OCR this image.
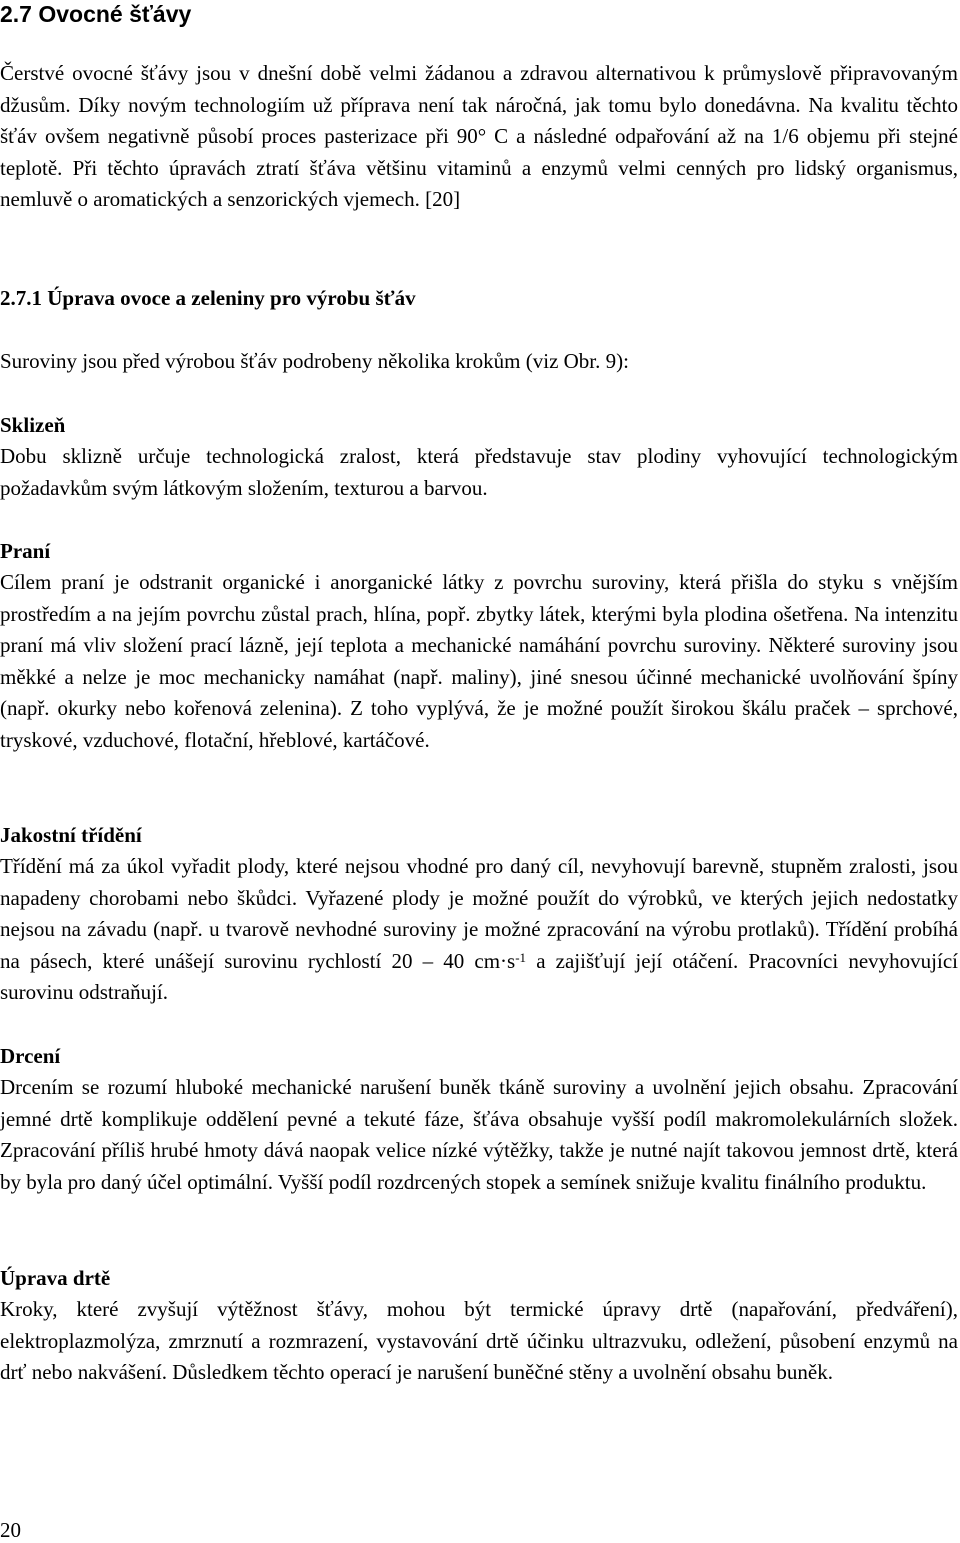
2.7 Ovocné šťávy

Čerstvé ovocné šťávy jsou v dnešní době velmi žádanou a zdravou alternativou k průmyslově připravovaným džusům. Díky novým technologiím už příprava není tak náročná, jak tomu bylo donedávna. Na kvalitu těchto šťáv ovšem negativně působí proces pasterizace při 90° C a následné odpařování až na 1/6 objemu při stejné teplotě. Při těchto úpravách ztratí šťáva většinu vitaminů a enzymů velmi cenných pro lidský organismus, nemluvě o aromatických a senzorických vjemech. [20]

2.7.1 Úprava ovoce a zeleniny pro výrobu šťáv

Suroviny jsou před výrobou šťáv podrobeny několika krokům (viz Obr. 9):

Sklizeň

Dobu sklizně určuje technologická zralost, která představuje stav plodiny vyhovující technologickým požadavkům svým látkovým složením, texturou a barvou.

Praní

Cílem praní je odstranit organické i anorganické látky z povrchu suroviny, která přišla do styku s vnějším prostředím a na jejím povrchu zůstal prach, hlína, popř. zbytky látek, kterými byla plodina ošetřena. Na intenzitu praní má vliv složení prací lázně, její teplota a mechanické namáhání povrchu suroviny. Některé suroviny jsou měkké a nelze je moc mechanicky namáhat (např. maliny), jiné snesou účinné mechanické uvolňování špíny (např. okurky nebo kořenová zelenina). Z toho vyplývá, že je možné použít širokou škálu praček – sprchové, tryskové, vzduchové, flotační, hřeblové, kartáčové.

Jakostní třídění

Třídění má za úkol vyřadit plody, které nejsou vhodné pro daný cíl, nevyhovují barevně, stupněm zralosti, jsou napadeny chorobami nebo škůdci. Vyřazené plody je možné použít do výrobků, ve kterých jejich nedostatky nejsou na závadu (např. u tvarově nevhodné suroviny je možné zpracování na výrobu protlaků). Třídění probíhá na pásech, které unášejí surovinu rychlostí 20 – 40 $cm\cdot s^{-1}$ a zajišťují její otáčení. Pracovníci nevyhovující surovinu odstraňují.

Drcení

Drcením se rozumí hluboké mechanické narušení buněk tkáně suroviny a uvolnění jejich obsahu. Zpracování jemné drtě komplikuje oddělení pevné a tekuté fáze, šťáva obsahuje vyšší podíl makromolekulárních složek. Zpracování příliš hrubé hmoty dává naopak velice nízké výtěžky, takže je nutné najít takovou jemnost drtě, která by byla pro daný účel optimální. Vyšší podíl rozdrcených stopek a semínek snižuje kvalitu finálního produktu.

Úprava drtě

Kroky, které zvyšují výtěžnost šťávy, mohou být termické úpravy drtě (napařování, předváření), elektroplazmolýza, zmrznutí a rozmrazení, vystavování drtě účinku ultrazvuku, odležení, působení enzymů na drť nebo nakvášení. Důsledkem těchto operací je narušení buněčné stěny a uvolnění obsahu buněk.

20
